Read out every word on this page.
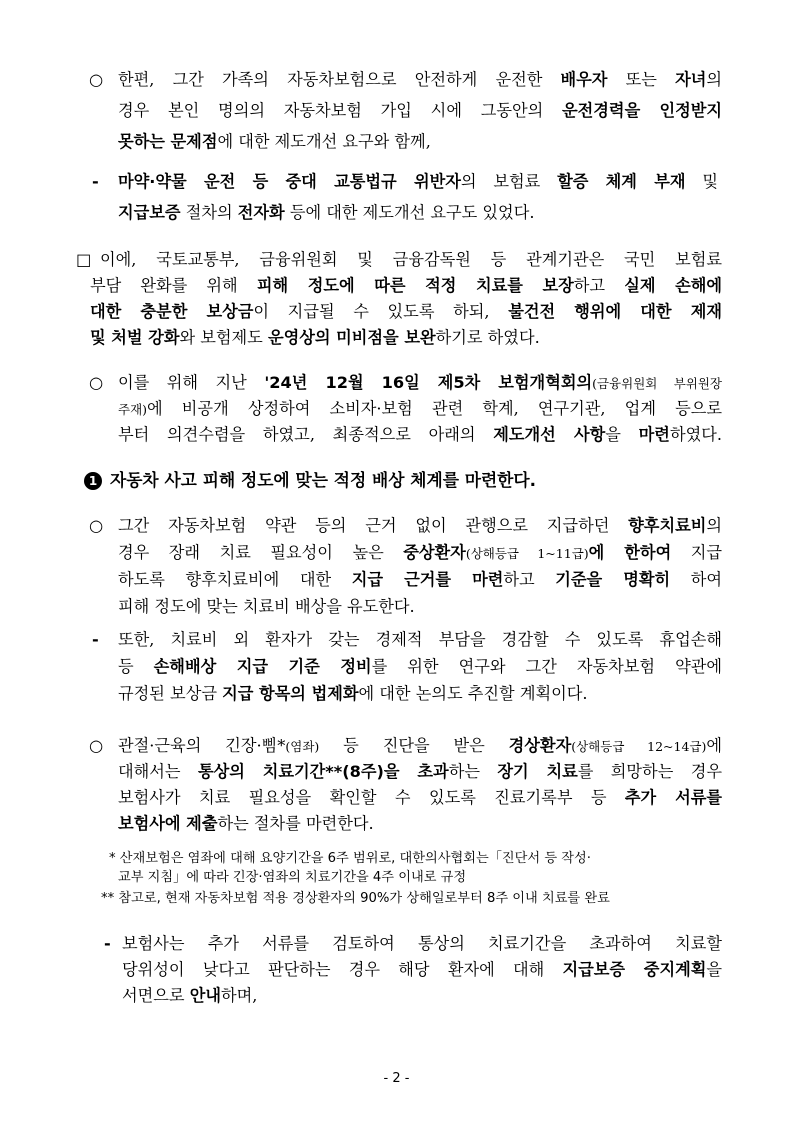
○ 한편, 그간 가족의 자동차보험으로 안전하게 운전한 배우자 또는 자녀의
경우 본인 명의의 자동차보험 가입 시에 그동안의 운전경력을 인정받지
못하는 문제점에 대한 제도개선 요구와 함께,
- 마약·약물 운전 등 중대 교통법규 위반자의 보험료 할증 체계 부재 및
지급보증 절차의 전자화 등에 대한 제도개선 요구도 있었다.
□ 이에, 국토교통부, 금융위원회 및 금융감독원 등 관계기관은 국민 보험료
부담 완화를 위해 피해 정도에 따른 적정 치료를 보장하고 실제 손해에
대한 충분한 보상금이 지급될 수 있도록 하되, 불건전 행위에 대한 제재
및 처벌 강화와 보험제도 운영상의 미비점을 보완하기로 하였다.
○ 이를 위해 지난 '24년 12월 16일 제5차 보험개혁회의(금융위원회 부위원장
주재)에 비공개 상정하여 소비자·보험 관련 학계, 연구기관, 업계 등으로
부터 의견수렴을 하였고, 최종적으로 아래의 제도개선 사항을 마련하였다.
1 자동차 사고 피해 정도에 맞는 적정 배상 체계를 마련한다.
○ 그간 자동차보험 약관 등의 근거 없이 관행으로 지급하던 향후치료비의
경우 장래 치료 필요성이 높은 중상환자(상해등급 1~11급)에 한하여 지급
하도록 향후치료비에 대한 지급 근거를 마련하고 기준을 명확히 하여
피해 정도에 맞는 치료비 배상을 유도한다.
- 또한, 치료비 외 환자가 갖는 경제적 부담을 경감할 수 있도록 휴업손해
등 손해배상 지급 기준 정비를 위한 연구와 그간 자동차보험 약관에
규정된 보상금 지급 항목의 법제화에 대한 논의도 추진할 계획이다.
○ 관절·근육의 긴장·삠*(염좌) 등 진단을 받은 경상환자(상해등급 12~14급)에
대해서는 통상의 치료기간**(8주)을 초과하는 장기 치료를 희망하는 경우
보험사가 치료 필요성을 확인할 수 있도록 진료기록부 등 추가 서류를
보험사에 제출하는 절차를 마련한다.
* 산재보험은 염좌에 대해 요양기간을 6주 범위로, 대한의사협회는「진단서 등 작성·
교부 지침」에 따라 긴장·염좌의 치료기간을 4주 이내로 규정
** 참고로, 현재 자동차보험 적용 경상환자의 90%가 상해일로부터 8주 이내 치료를 완료
- 보험사는 추가 서류를 검토하여 통상의 치료기간을 초과하여 치료할
당위성이 낮다고 판단하는 경우 해당 환자에 대해 지급보증 중지계획을
서면으로 안내하며,
- 2 -
